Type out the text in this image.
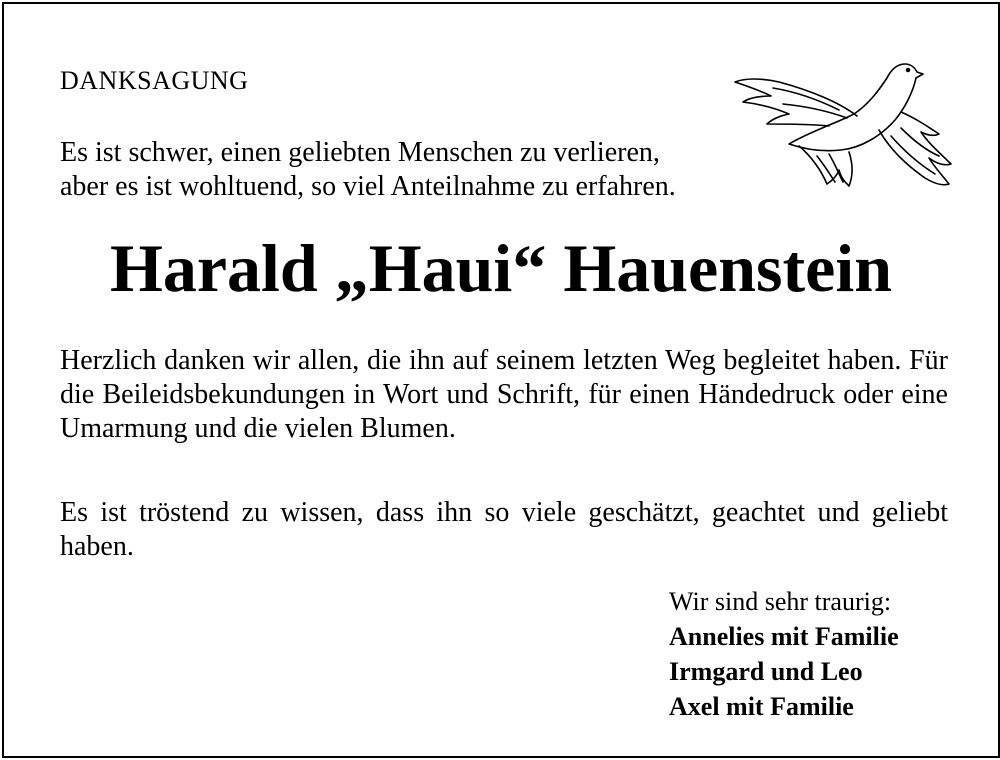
DANKSAGUNG
Es ist schwer, einen geliebten Menschen zu verlieren,
aber es ist wohltuend, so viel Anteilnahme zu erfahren.
Harald „Haui“ Hauenstein
Herzlich danken wir allen, die ihn auf seinem letzten Weg begleitet haben. Für die Beileidsbekundungen in Wort und Schrift, für einen Händedruck oder eine Umarmung und die vielen Blumen.
Es ist tröstend zu wissen, dass ihn so viele geschätzt, geachtet und geliebt haben.
Wir sind sehr traurig:
Annelies mit Familie
Irmgard und Leo
Axel mit Familie
